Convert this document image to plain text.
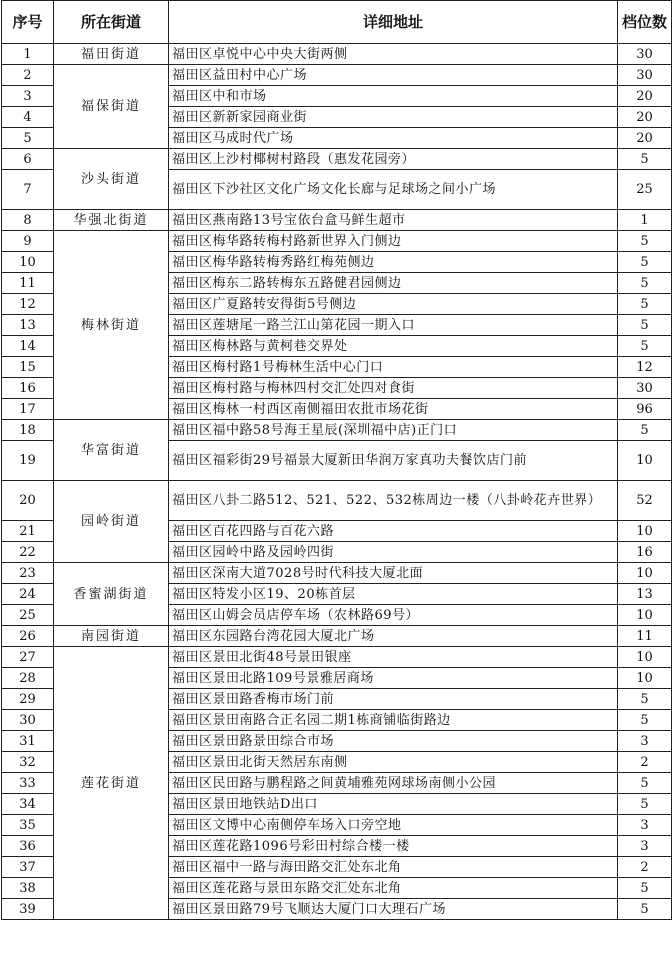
序号	所在街道	详细地址	档位数
1	福田街道	福田区卓悦中心中央大街两侧	30
2	福保街道	福田区益田村中心广场	30
3		福田区中和市场	20
4		福田区新新家园商业街	20
5		福田区马成时代广场	20
6	沙头街道	福田区上沙村椰树村路段（惠发花园旁）	5
7		福田区下沙社区文化广场文化长廊与足球场之间小广场	25
8	华强北街道	福田区燕南路13号宝依台盒马鲜生超市	1
9	梅林街道	福田区梅华路转梅村路新世界入门侧边	5
10		福田区梅华路转梅秀路红梅苑侧边	5
11		福田区梅东二路转梅东五路健君园侧边	5
12		福田区广夏路转安得街5号侧边	5
13		福田区莲塘尾一路兰江山第花园一期入口	5
14		福田区梅林路与黄柯巷交界处	5
15		福田区梅村路1号梅林生活中心门口	12
16		福田区梅村路与梅林四村交汇处四对食街	30
17		福田区梅林一村西区南侧福田农批市场花街	96
18	华富街道	福田区福中路58号海王星辰(深圳福中店)正门口	5
19		福田区福彩街29号福景大厦新田华润万家真功夫餐饮店门前	10
20	园岭街道	福田区八卦二路512、521、522、532栋周边一楼（八卦岭花卉世界）	52
21		福田区百花四路与百花六路	10
22		福田区园岭中路及园岭四街	16
23	香蜜湖街道	福田区深南大道7028号时代科技大厦北面	10
24		福田区特发小区19、20栋首层	13
25		福田区山姆会员店停车场（农林路69号）	10
26	南园街道	福田区东园路台湾花园大厦北广场	11
27	莲花街道	福田区景田北街48号景田银座	10
28		福田区景田北路109号景雅居商场	10
29		福田区景田路香梅市场门前	5
30		福田区景田南路合正名园二期1栋商铺临街路边	5
31		福田区景田路景田综合市场	3
32		福田区景田北街天然居东南侧	2
33		福田区民田路与鹏程路之间黄埔雅苑网球场南侧小公园	5
34		福田区景田地铁站D出口	5
35		福田区文博中心南侧停车场入口旁空地	3
36		福田区莲花路1096号彩田村综合楼一楼	3
37		福田区福中一路与海田路交汇处东北角	2
38		福田区莲花路与景田东路交汇处东北角	5
39		福田区景田路79号飞顺达大厦门口大理石广场	5
